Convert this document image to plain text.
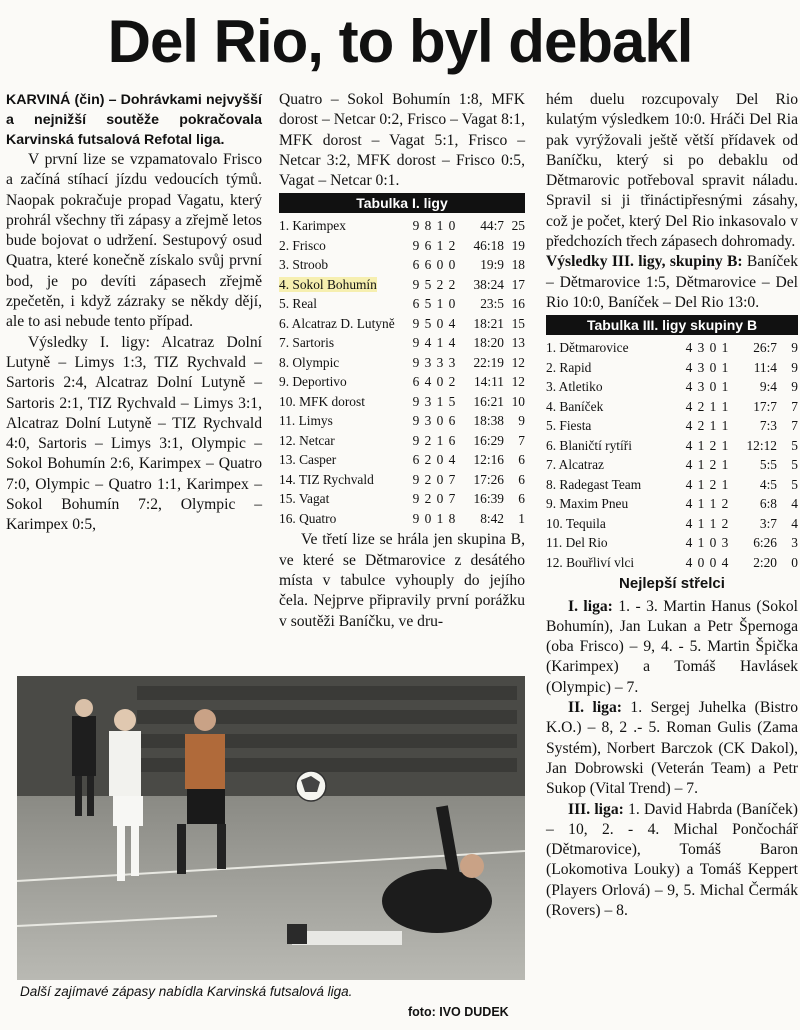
Del Rio, to byl debakl

KARVINÁ (čin) – Dohrávkami nejvyšší a nejnižší soutěže pokračovala Karvinská futsalová Refotal liga.

V první lize se vzpamatovalo Frisco a začíná stíhací jízdu vedoucích týmů. Naopak pokračuje propad Vagatu, který prohrál všechny tři zápasy a zřejmě letos bude bojovat o udržení. Sestupový osud Quatra, které konečně získalo svůj první bod, je po devíti zápasech zřejmě zpečetěn, i když zázraky se někdy dějí, ale to asi nebude tento případ.

Výsledky I. ligy: Alcatraz Dolní Lutyně – Limys 1:3, TIZ Rychvald – Sartoris 2:4, Alcatraz Dolní Lutyně – Sartoris 2:1, TIZ Rychvald – Limys 3:1, Alcatraz Dolní Lutyně – TIZ Rychvald 4:0, Sartoris – Limys 3:1, Olympic – Sokol Bohumín 2:6, Karimpex – Quatro 7:0, Olympic – Quatro 1:1, Karimpex – Sokol Bohumín 7:2, Olympic – Karimpex 0:5,

Quatro – Sokol Bohumín 1:8, MFK dorost – Netcar 0:2, Frisco – Vagat 8:1, MFK dorost – Vagat 5:1, Frisco – Netcar 3:2, MFK dorost – Frisco 0:5, Vagat – Netcar 0:1.

Tabulka I. ligy
1. Karimpex	9	8	1	0	44:7	25
2. Frisco	9	6	1	2	46:18	19
3. Stroob	6	6	0	0	19:9	18
4. Sokol Bohumín	9	5	2	2	38:24	17
5. Real	6	5	1	0	23:5	16
6. Alcatraz D. Lutyně	9	5	0	4	18:21	15
7. Sartoris	9	4	1	4	18:20	13
8. Olympic	9	3	3	3	22:19	12
9. Deportivo	6	4	0	2	14:11	12
10. MFK dorost	9	3	1	5	16:21	10
11. Limys	9	3	0	6	18:38	9
12. Netcar	9	2	1	6	16:29	7
13. Casper	6	2	0	4	12:16	6
14. TIZ Rychvald	9	2	0	7	17:26	6
15. Vagat	9	2	0	7	16:39	6
16. Quatro	9	0	1	8	8:42	1

Ve třetí lize se hrála jen skupina B, ve které se Dětmarovice z desátého místa v tabulce vyhouply do jejího čela. Nejprve připravily první porážku v soutěži Baníčku, ve dru-

hém duelu rozcupovaly Del Rio kulatým výsledkem 10:0. Hráči Del Ria pak vyrýžovali ještě větší přídavek od Baníčku, který si po debaklu od Dětmarovic potřeboval spravit náladu. Spravil si ji třináctipřesnými zásahy, což je počet, který Del Rio inkasovalo v předchozích třech zápasech dohromady.

Výsledky III. ligy, skupiny B: Baníček – Dětmarovice 1:5, Dětmarovice – Del Rio 10:0, Baníček – Del Rio 13:0.

Tabulka III. ligy skupiny B
1. Dětmarovice	4	3	0	1	26:7	9
2. Rapid	4	3	0	1	11:4	9
3. Atletiko	4	3	0	1	9:4	9
4. Baníček	4	2	1	1	17:7	7
5. Fiesta	4	2	1	1	7:3	7
6. Blaničtí rytíři	4	1	2	1	12:12	5
7. Alcatraz	4	1	2	1	5:5	5
8. Radegast Team	4	1	2	1	4:5	5
9. Maxim Pneu	4	1	1	2	6:8	4
10. Tequila	4	1	1	2	3:7	4
11. Del Rio	4	1	0	3	6:26	3
12. Bouřliví vlci	4	0	0	4	2:20	0
Nejlepší střelci

I. liga: 1. - 3. Martin Hanus (Sokol Bohumín), Jan Lukan a Petr Špernoga (oba Frisco) – 9, 4. - 5. Martin Špička (Karimpex) a Tomáš Havlásek (Olympic) – 7.

II. liga: 1. Sergej Juhelka (Bistro K.O.) – 8, 2 .- 5. Roman Gulis (Zama Systém), Norbert Barczok (CK Dakol), Jan Dobrowski (Veterán Team) a Petr Sukop (Vital Trend) – 7.

III. liga: 1. David Habrda (Baníček) – 10, 2. - 4. Michal Pončochář (Dětmarovice), Tomáš Baron (Lokomotiva Louky) a Tomáš Keppert (Players Orlová) – 9, 5. Michal Čermák (Rovers) – 8.

Další zajímavé zápasy nabídla Karvinská futsalová liga.
foto: IVO DUDEK
